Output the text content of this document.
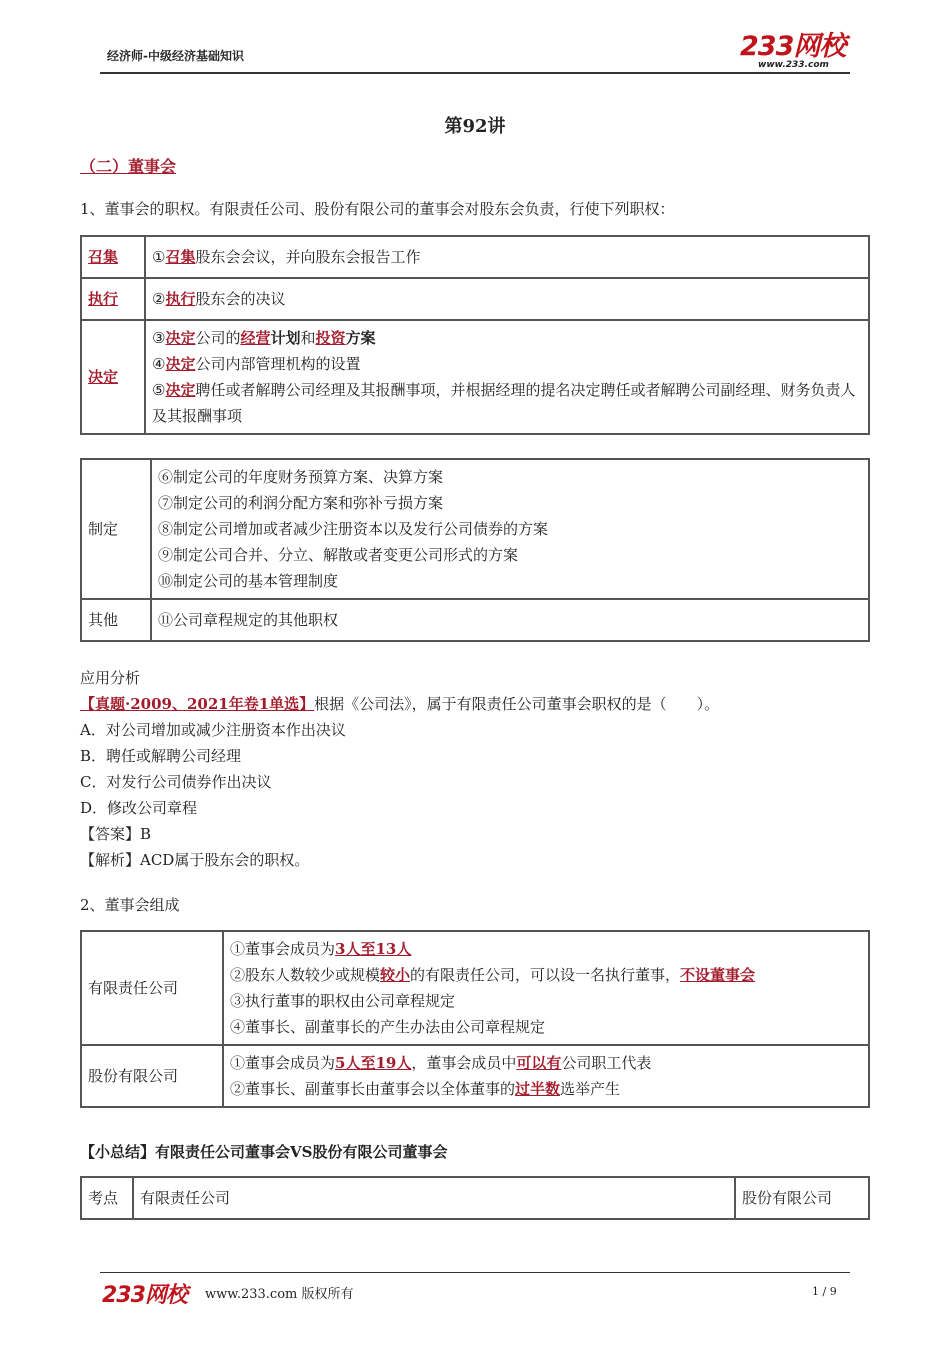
经济师-中级经济基础知识	233网校
www.233.com
第92讲
（二）董事会
1、董事会的职权。有限责任公司、股份有限公司的董事会对股东会负责，行使下列职权：
召集	①召集股东会会议，并向股东会报告工作

执行	②执行股东会的决议

决定	③决定公司的经营计划和投资方案
④决定公司内部管理机构的设置
⑤决定聘任或者解聘公司经理及其报酬事项，并根据经理的提名决定聘任或者解聘公司副经理、财务负责人及其报酬事项
制定	⑥制定公司的年度财务预算方案、决算方案
⑦制定公司的利润分配方案和弥补亏损方案
⑧制定公司增加或者减少注册资本以及发行公司债券的方案
⑨制定公司合并、分立、解散或者变更公司形式的方案
⑩制定公司的基本管理制度

其他	⑪公司章程规定的其他职权
应用分析
【真题·2009、2021年卷1单选】根据《公司法》，属于有限责任公司董事会职权的是（　　）。
A．对公司增加或减少注册资本作出决议
B．聘任或解聘公司经理
C．对发行公司债券作出决议
D．修改公司章程
【答案】B
【解析】ACD属于股东会的职权。
2、董事会组成
有限责任公司	①董事会成员为3人至13人
②股东人数较少或规模较小的有限责任公司，可以设一名执行董事，不设董事会
③执行董事的职权由公司章程规定
④董事长、副董事长的产生办法由公司章程规定

股份有限公司	①董事会成员为5人至19人，董事会成员中可以有公司职工代表
②董事长、副董事长由董事会以全体董事的过半数选举产生
【小总结】有限责任公司董事会VS股份有限公司董事会
考点	有限责任公司	股份有限公司
233网校 www.233.com 版权所有	1 / 9
